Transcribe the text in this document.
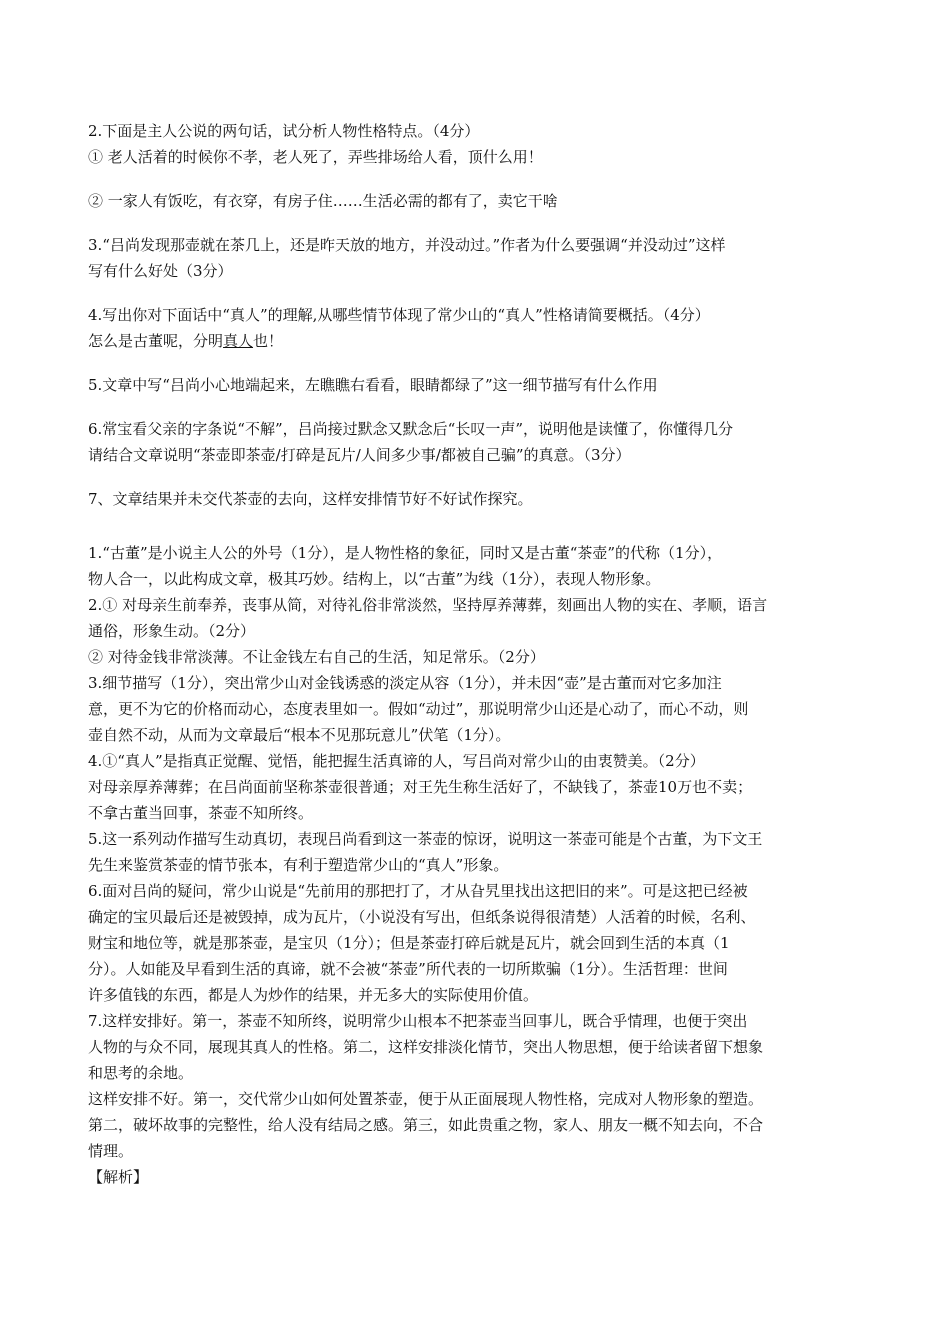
2.下面是主人公说的两句话，试分析人物性格特点。（4分）

① 老人活着的时候你不孝，老人死了，弄些排场给人看，顶什么用！

② 一家人有饭吃，有衣穿，有房子住……生活必需的都有了，卖它干啥

3.“吕尚发现那壶就在茶几上，还是昨天放的地方，并没动过。”作者为什么要强调“并没动过”这样

写有什么好处（3分）

4.写出你对下面话中“真人”的理解,从哪些情节体现了常少山的“真人”性格请简要概括。（4分）

怎么是古董呢，分明真人也！

5.文章中写“吕尚小心地端起来，左瞧瞧右看看，眼睛都绿了”这一细节描写有什么作用

6.常宝看父亲的字条说“不解”，吕尚接过默念又默念后“长叹一声”，说明他是读懂了，你懂得几分

请结合文章说明“茶壶即茶壶/打碎是瓦片/人间多少事/都被自己骗”的真意。（3分）

7、文章结果并未交代茶壶的去向，这样安排情节好不好试作探究。

1.“古董”是小说主人公的外号（1分），是人物性格的象征，同时又是古董“茶壶”的代称（1分），

物人合一，以此构成文章，极其巧妙。结构上，以“古董”为线（1分），表现人物形象。

2.① 对母亲生前奉养，丧事从简，对待礼俗非常淡然，坚持厚养薄葬，刻画出人物的实在、孝顺，语言

通俗，形象生动。（2分）

② 对待金钱非常淡薄。不让金钱左右自己的生活，知足常乐。（2分）

3.细节描写（1分），突出常少山对金钱诱惑的淡定从容（1分），并未因“壶”是古董而对它多加注

意，更不为它的价格而动心，态度表里如一。假如“动过”，那说明常少山还是心动了，而心不动，则

壶自然不动，从而为文章最后“根本不见那玩意儿”伏笔（1分）。

4.①“真人”是指真正觉醒、觉悟，能把握生活真谛的人，写吕尚对常少山的由衷赞美。（2分）

对母亲厚养薄葬；在吕尚面前坚称茶壶很普通；对王先生称生活好了，不缺钱了，茶壶10万也不卖；

不拿古董当回事，茶壶不知所终。

5.这一系列动作描写生动真切，表现吕尚看到这一茶壶的惊讶，说明这一茶壶可能是个古董，为下文王

先生来鉴赏茶壶的情节张本，有利于塑造常少山的“真人”形象。

6.面对吕尚的疑问，常少山说是“先前用的那把打了，才从旮旯里找出这把旧的来”。可是这把已经被

确定的宝贝最后还是被毁掉，成为瓦片，（小说没有写出，但纸条说得很清楚）人活着的时候，名利、

财宝和地位等，就是那茶壶，是宝贝（1分）；但是茶壶打碎后就是瓦片，就会回到生活的本真（1

分）。人如能及早看到生活的真谛，就不会被“茶壶”所代表的一切所欺骗（1分）。生活哲理：世间

许多值钱的东西，都是人为炒作的结果，并无多大的实际使用价值。

7.这样安排好。第一，茶壶不知所终，说明常少山根本不把茶壶当回事儿，既合乎情理，也便于突出

人物的与众不同，展现其真人的性格。第二，这样安排淡化情节，突出人物思想，便于给读者留下想象

和思考的余地。

这样安排不好。第一，交代常少山如何处置茶壶，便于从正面展现人物性格，完成对人物形象的塑造。

第二，破坏故事的完整性，给人没有结局之感。第三，如此贵重之物，家人、朋友一概不知去向，不合

情理。

【解析】
